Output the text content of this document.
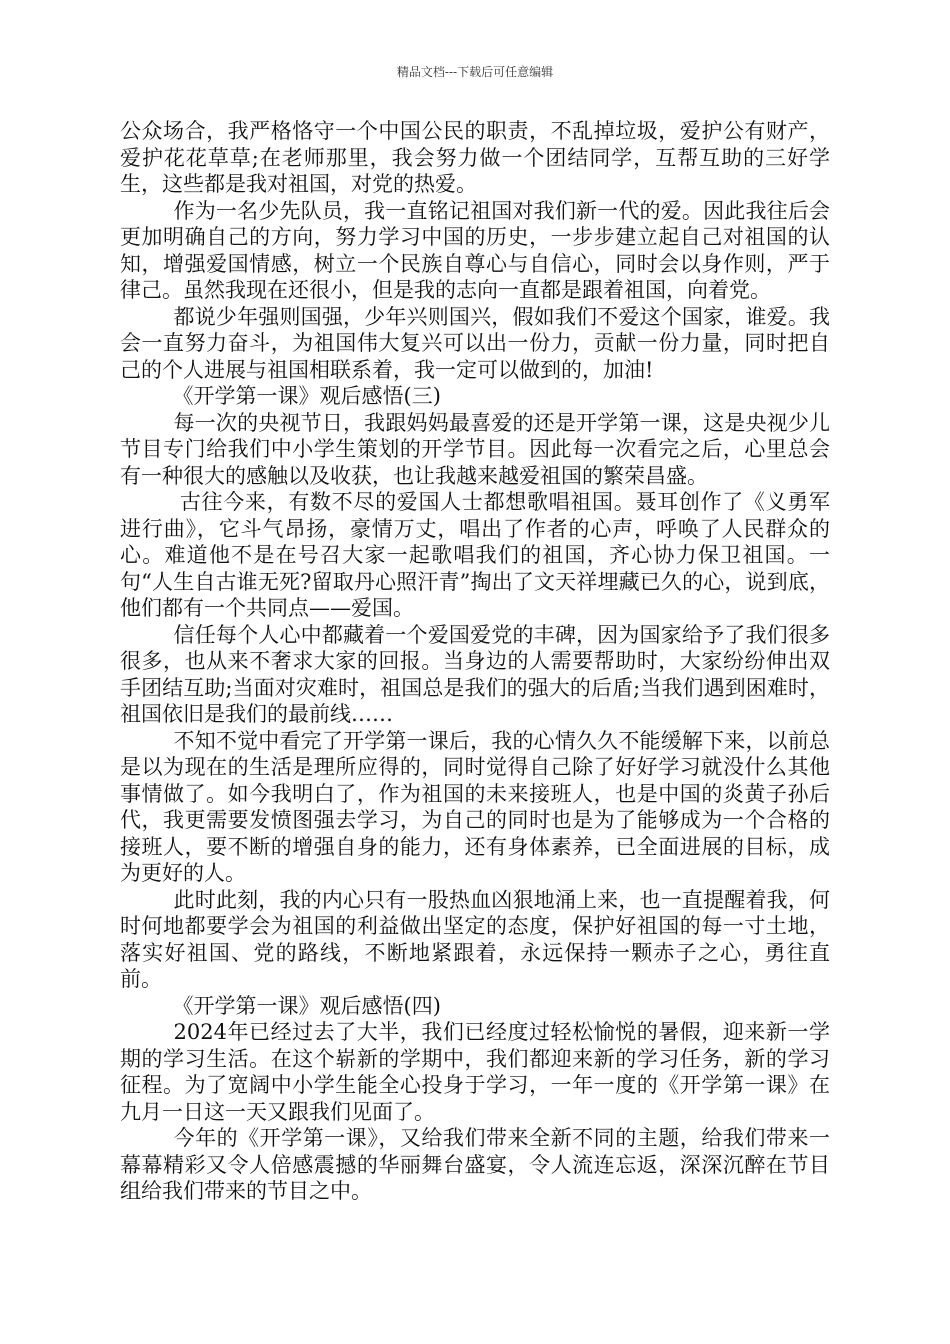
精品文档---下载后可任意编辑

公众场合，我严格恪守一个中国公民的职责，不乱掉垃圾，爱护公有财产，爱护花花草草;在老师那里，我会努力做一个团结同学，互帮互助的三好学生，这些都是我对祖国，对党的热爱。

作为一名少先队员，我一直铭记祖国对我们新一代的爱。因此我往后会更加明确自己的方向，努力学习中国的历史，一步步建立起自己对祖国的认知，增强爱国情感，树立一个民族自尊心与自信心，同时会以身作则，严于律己。虽然我现在还很小，但是我的志向一直都是跟着祖国，向着党。

都说少年强则国强，少年兴则国兴，假如我们不爱这个国家，谁爱。我会一直努力奋斗，为祖国伟大复兴可以出一份力，贡献一份力量，同时把自己的个人进展与祖国相联系着，我一定可以做到的，加油!

《开学第一课》观后感悟(三)

每一次的央视节日，我跟妈妈最喜爱的还是开学第一课，这是央视少儿节目专门给我们中小学生策划的开学节目。因此每一次看完之后，心里总会有一种很大的感触以及收获，也让我越来越爱祖国的繁荣昌盛。

古往今来，有数不尽的爱国人士都想歌唱祖国。聂耳创作了《义勇军进行曲》，它斗气昂扬，豪情万丈，唱出了作者的心声，呼唤了人民群众的心。难道他不是在号召大家一起歌唱我们的祖国，齐心协力保卫祖国。一句“人生自古谁无死?留取丹心照汗青”掏出了文天祥埋藏已久的心，说到底，他们都有一个共同点——爱国。

信任每个人心中都藏着一个爱国爱党的丰碑，因为国家给予了我们很多很多，也从来不奢求大家的回报。当身边的人需要帮助时，大家纷纷伸出双手团结互助;当面对灾难时，祖国总是我们的强大的后盾;当我们遇到困难时，祖国依旧是我们的最前线……

不知不觉中看完了开学第一课后，我的心情久久不能缓解下来，以前总是以为现在的生活是理所应得的，同时觉得自己除了好好学习就没什么其他事情做了。如今我明白了，作为祖国的未来接班人，也是中国的炎黄子孙后代，我更需要发愤图强去学习，为自己的同时也是为了能够成为一个合格的接班人，要不断的增强自身的能力，还有身体素养，已全面进展的目标，成为更好的人。

此时此刻，我的内心只有一股热血凶狠地涌上来，也一直提醒着我，何时何地都要学会为祖国的利益做出坚定的态度，保护好祖国的每一寸土地，落实好祖国、党的路线，不断地紧跟着，永远保持一颗赤子之心，勇往直前。

《开学第一课》观后感悟(四)

2024年已经过去了大半，我们已经度过轻松愉悦的暑假，迎来新一学期的学习生活。在这个崭新的学期中，我们都迎来新的学习任务，新的学习征程。为了宽阔中小学生能全心投身于学习，一年一度的《开学第一课》在九月一日这一天又跟我们见面了。

今年的《开学第一课》，又给我们带来全新不同的主题，给我们带来一幕幕精彩又令人倍感震撼的华丽舞台盛宴，令人流连忘返，深深沉醉在节目组给我们带来的节目之中。
